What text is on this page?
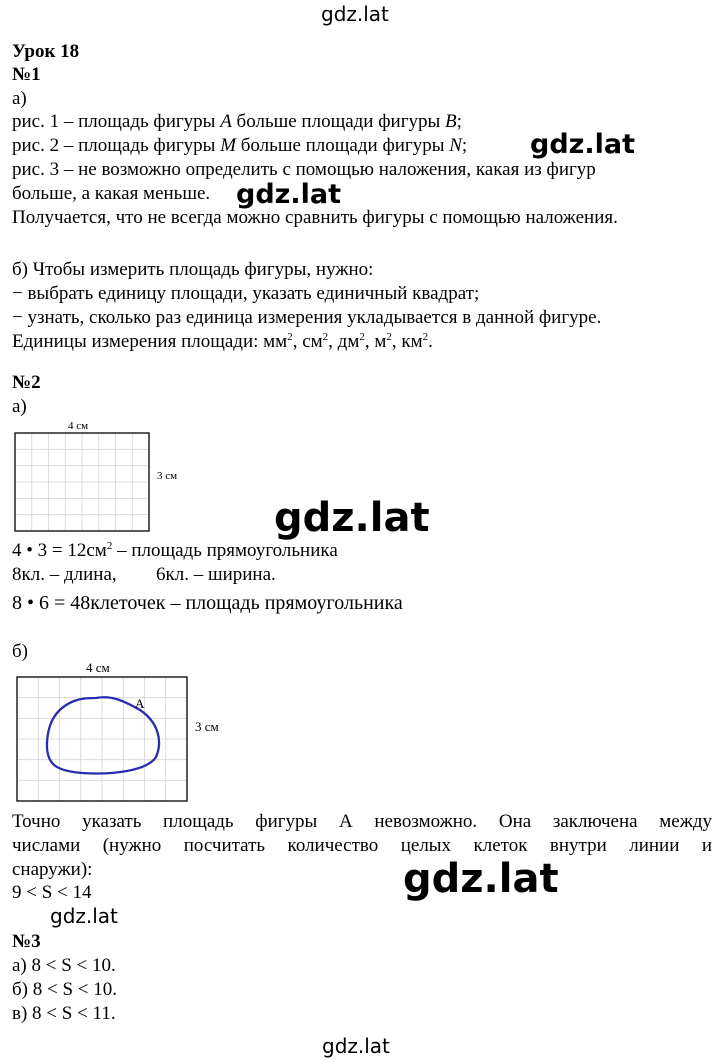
gdz.lat
gdz.lat
gdz.lat
gdz.lat
gdz.lat
gdz.lat
gdz.lat
Урок 18
№1
а)
рис. 1 – площадь фигуры A больше площади фигуры B;
рис. 2 – площадь фигуры M больше площади фигуры N;
рис. 3 – не возможно определить с помощью наложения, какая из фигур
больше, а какая меньше.
Получается, что не всегда можно сравнить фигуры с помощью наложения.
б) Чтобы измерить площадь фигуры, нужно:
− выбрать единицу площади, указать единичный квадрат;
− узнать, сколько раз единица измерения укладывается в данной фигуре.
Единицы измерения площади: $мм^2$, $см^2$, $дм^2$, $м^2$, $км^2$.
№2
а)
4 см
3 см
4 • $3 = 12см^2$ – площадь прямоугольника
8кл. – длина, 6кл. – ширина.
8 • 6 = 48клеточек – площадь прямоугольника
б)
4 см
3 см
А
Точно указать площадь фигуры А невозможно. Она заключена между
числами (нужно посчитать количество целых клеток внутри линии и
снаружи):
9 < S < 14
№3
а) 8 < S < 10.
б) 8 < S < 10.
в) 8 < S < 11.
